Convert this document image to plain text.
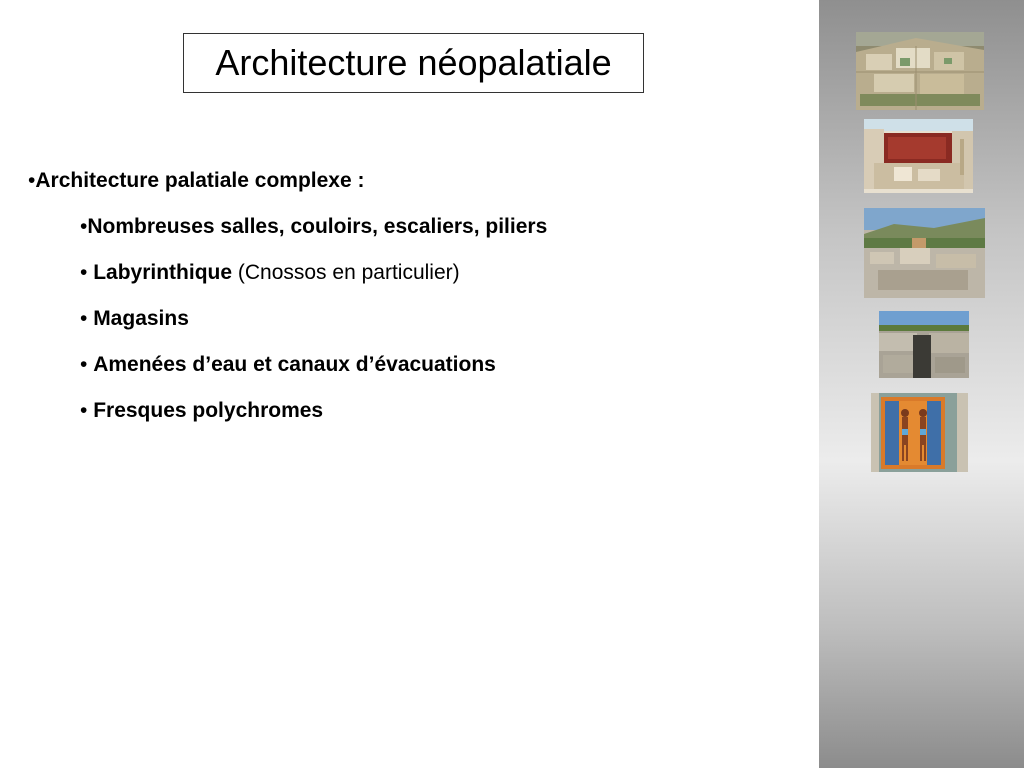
Architecture néopalatiale
•Architecture palatiale complexe :
•Nombreuses salles, couloirs, escaliers, piliers
• Labyrinthique (Cnossos en particulier)
• Magasins
• Amenées d’eau et canaux d’évacuations
• Fresques polychromes
